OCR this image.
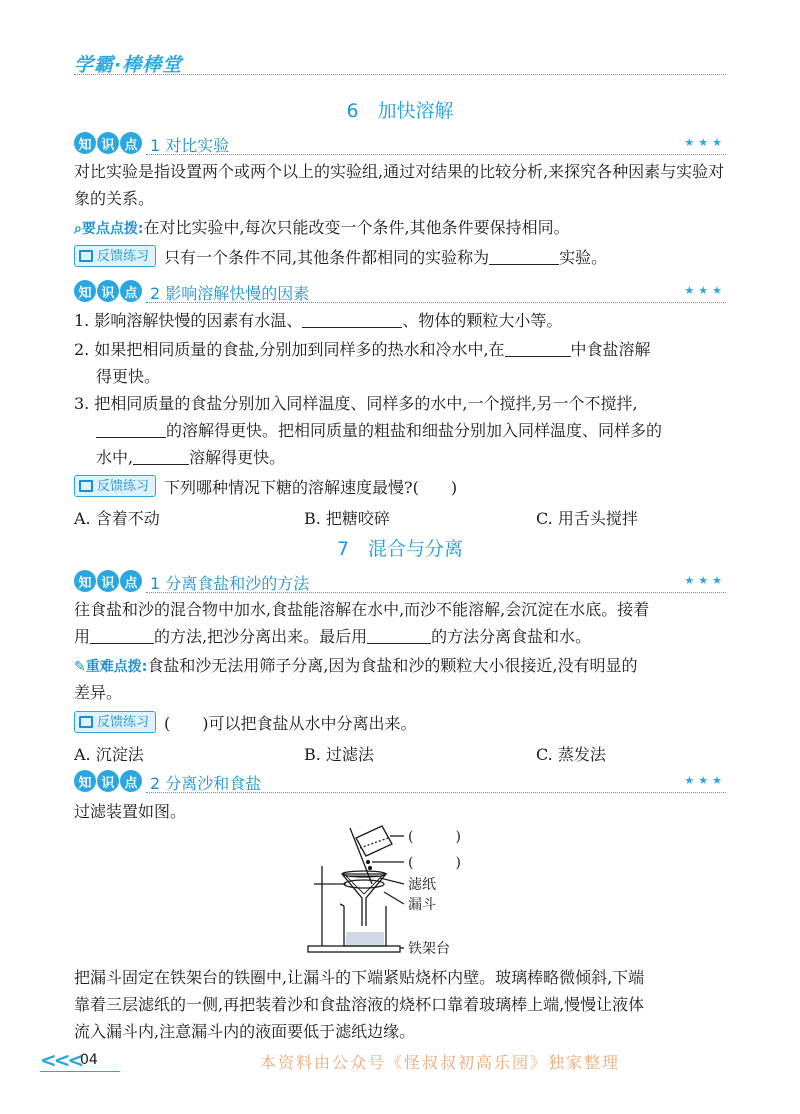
学霸·棒棒堂
6　加快溶解
知 识 点 1 对比实验	★★★
对比实验是指设置两个或两个以上的实验组,通过对结果的比较分析,来探究各种因素与实验对象的关系。
⌕要点点拨:在对比实验中,每次只能改变一个条件,其他条件要保持相同。
反馈练习 只有一个条件不同,其他条件都相同的实验称为	实验。
知 识 点 2 影响溶解快慢的因素	★★★
1. 影响溶解快慢的因素有水温、	、物体的颗粒大小等。
2. 如果把相同质量的食盐,分别加到同样多的热水和冷水中,在	中食盐溶解
得更快。
3. 把相同质量的食盐分别加入同样温度、同样多的水中,一个搅拌,另一个不搅拌,
的溶解得更快。把相同质量的粗盐和细盐分别加入同样温度、同样多的
水中,	溶解得更快。
反馈练习 下列哪种情况下糖的溶解速度最慢?(　　)
A. 含着不动	B. 把糖咬碎	C. 用舌头搅拌
7　混合与分离
知 识 点 1 分离食盐和沙的方法	★★★
往食盐和沙的混合物中加水,食盐能溶解在水中,而沙不能溶解,会沉淀在水底。接着
用	的方法,把沙分离出来。最后用	的方法分离食盐和水。
✎重难点拨:食盐和沙无法用筛子分离,因为食盐和沙的颗粒大小很接近,没有明显的
差异。
反馈练习 (　　)可以把食盐从水中分离出来。
A. 沉淀法	B. 过滤法	C. 蒸发法
知 识 点 2 分离沙和食盐	★★★
过滤装置如图。
(　　　)
(　　　)
滤纸
漏斗
铁架台
把漏斗固定在铁架台的铁圈中,让漏斗的下端紧贴烧杯内壁。玻璃棒略微倾斜,下端
靠着三层滤纸的一侧,再把装着沙和食盐溶液的烧杯口靠着玻璃棒上端,慢慢让液体
流入漏斗内,注意漏斗内的液面要低于滤纸边缘。
<<<
04	本资料由公众号《怪叔叔初高乐园》独家整理
